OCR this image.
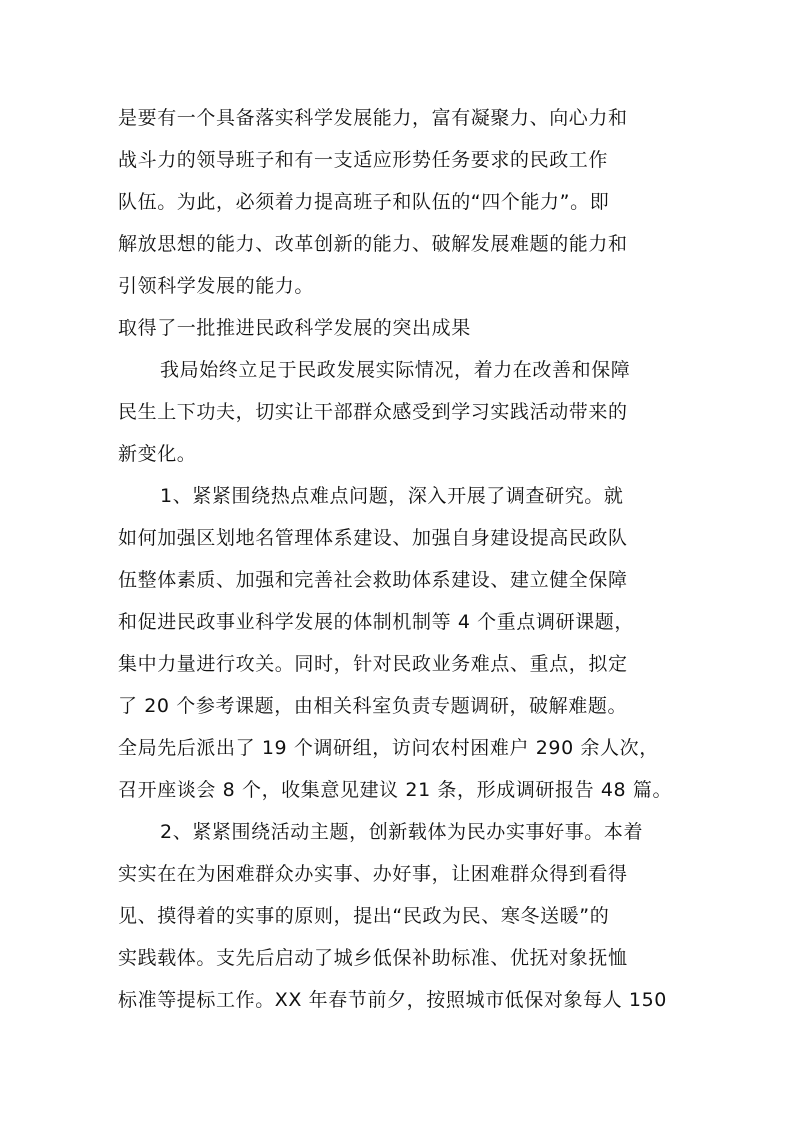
是要有一个具备落实科学发展能力，富有凝聚力、向心力和
战斗力的领导班子和有一支适应形势任务要求的民政工作
队伍。为此，必须着力提高班子和队伍的“四个能力”。即
解放思想的能力、改革创新的能力、破解发展难题的能力和
引领科学发展的能力。
取得了一批推进民政科学发展的突出成果
我局始终立足于民政发展实际情况，着力在改善和保障
民生上下功夫，切实让干部群众感受到学习实践活动带来的
新变化。
1、紧紧围绕热点难点问题，深入开展了调查研究。就
如何加强区划地名管理体系建设、加强自身建设提高民政队
伍整体素质、加强和完善社会救助体系建设、建立健全保障
和促进民政事业科学发展的体制机制等 4 个重点调研课题，
集中力量进行攻关。同时，针对民政业务难点、重点，拟定
了 20 个参考课题，由相关科室负责专题调研，破解难题。
全局先后派出了 19 个调研组，访问农村困难户 290 余人次，
召开座谈会 8 个，收集意见建议 21 条，形成调研报告 48 篇。
2、紧紧围绕活动主题，创新载体为民办实事好事。本着
实实在在为困难群众办实事、办好事，让困难群众得到看得
见、摸得着的实事的原则，提出“民政为民、寒冬送暖”的
实践载体。支先后启动了城乡低保补助标准、优抚对象抚恤
标准等提标工作。XX 年春节前夕，按照城市低保对象每人 150
